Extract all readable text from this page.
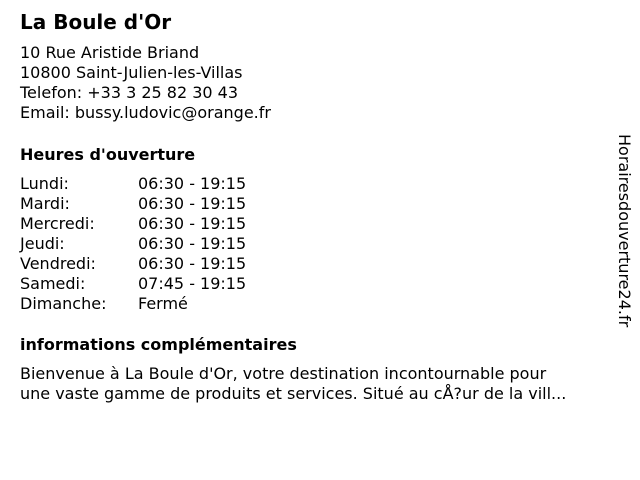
La Boule d'Or
10 Rue Aristide Briand
10800 Saint-Julien-les-Villas
Telefon: +33 3 25 82 30 43
Email: bussy.ludovic@orange.fr
Heures d'ouverture
Lundi:	06:30 - 19:15
Mardi:	06:30 - 19:15
Mercredi:	06:30 - 19:15
Jeudi:	06:30 - 19:15
Vendredi:	06:30 - 19:15
Samedi:	07:45 - 19:15
Dimanche:	Fermé
informations complémentaires
Bienvenue à La Boule d'Or, votre destination incontournable pour
une vaste gamme de produits et services. Situé au cÅ?ur de la vill...
Horairesdouverture24.fr
